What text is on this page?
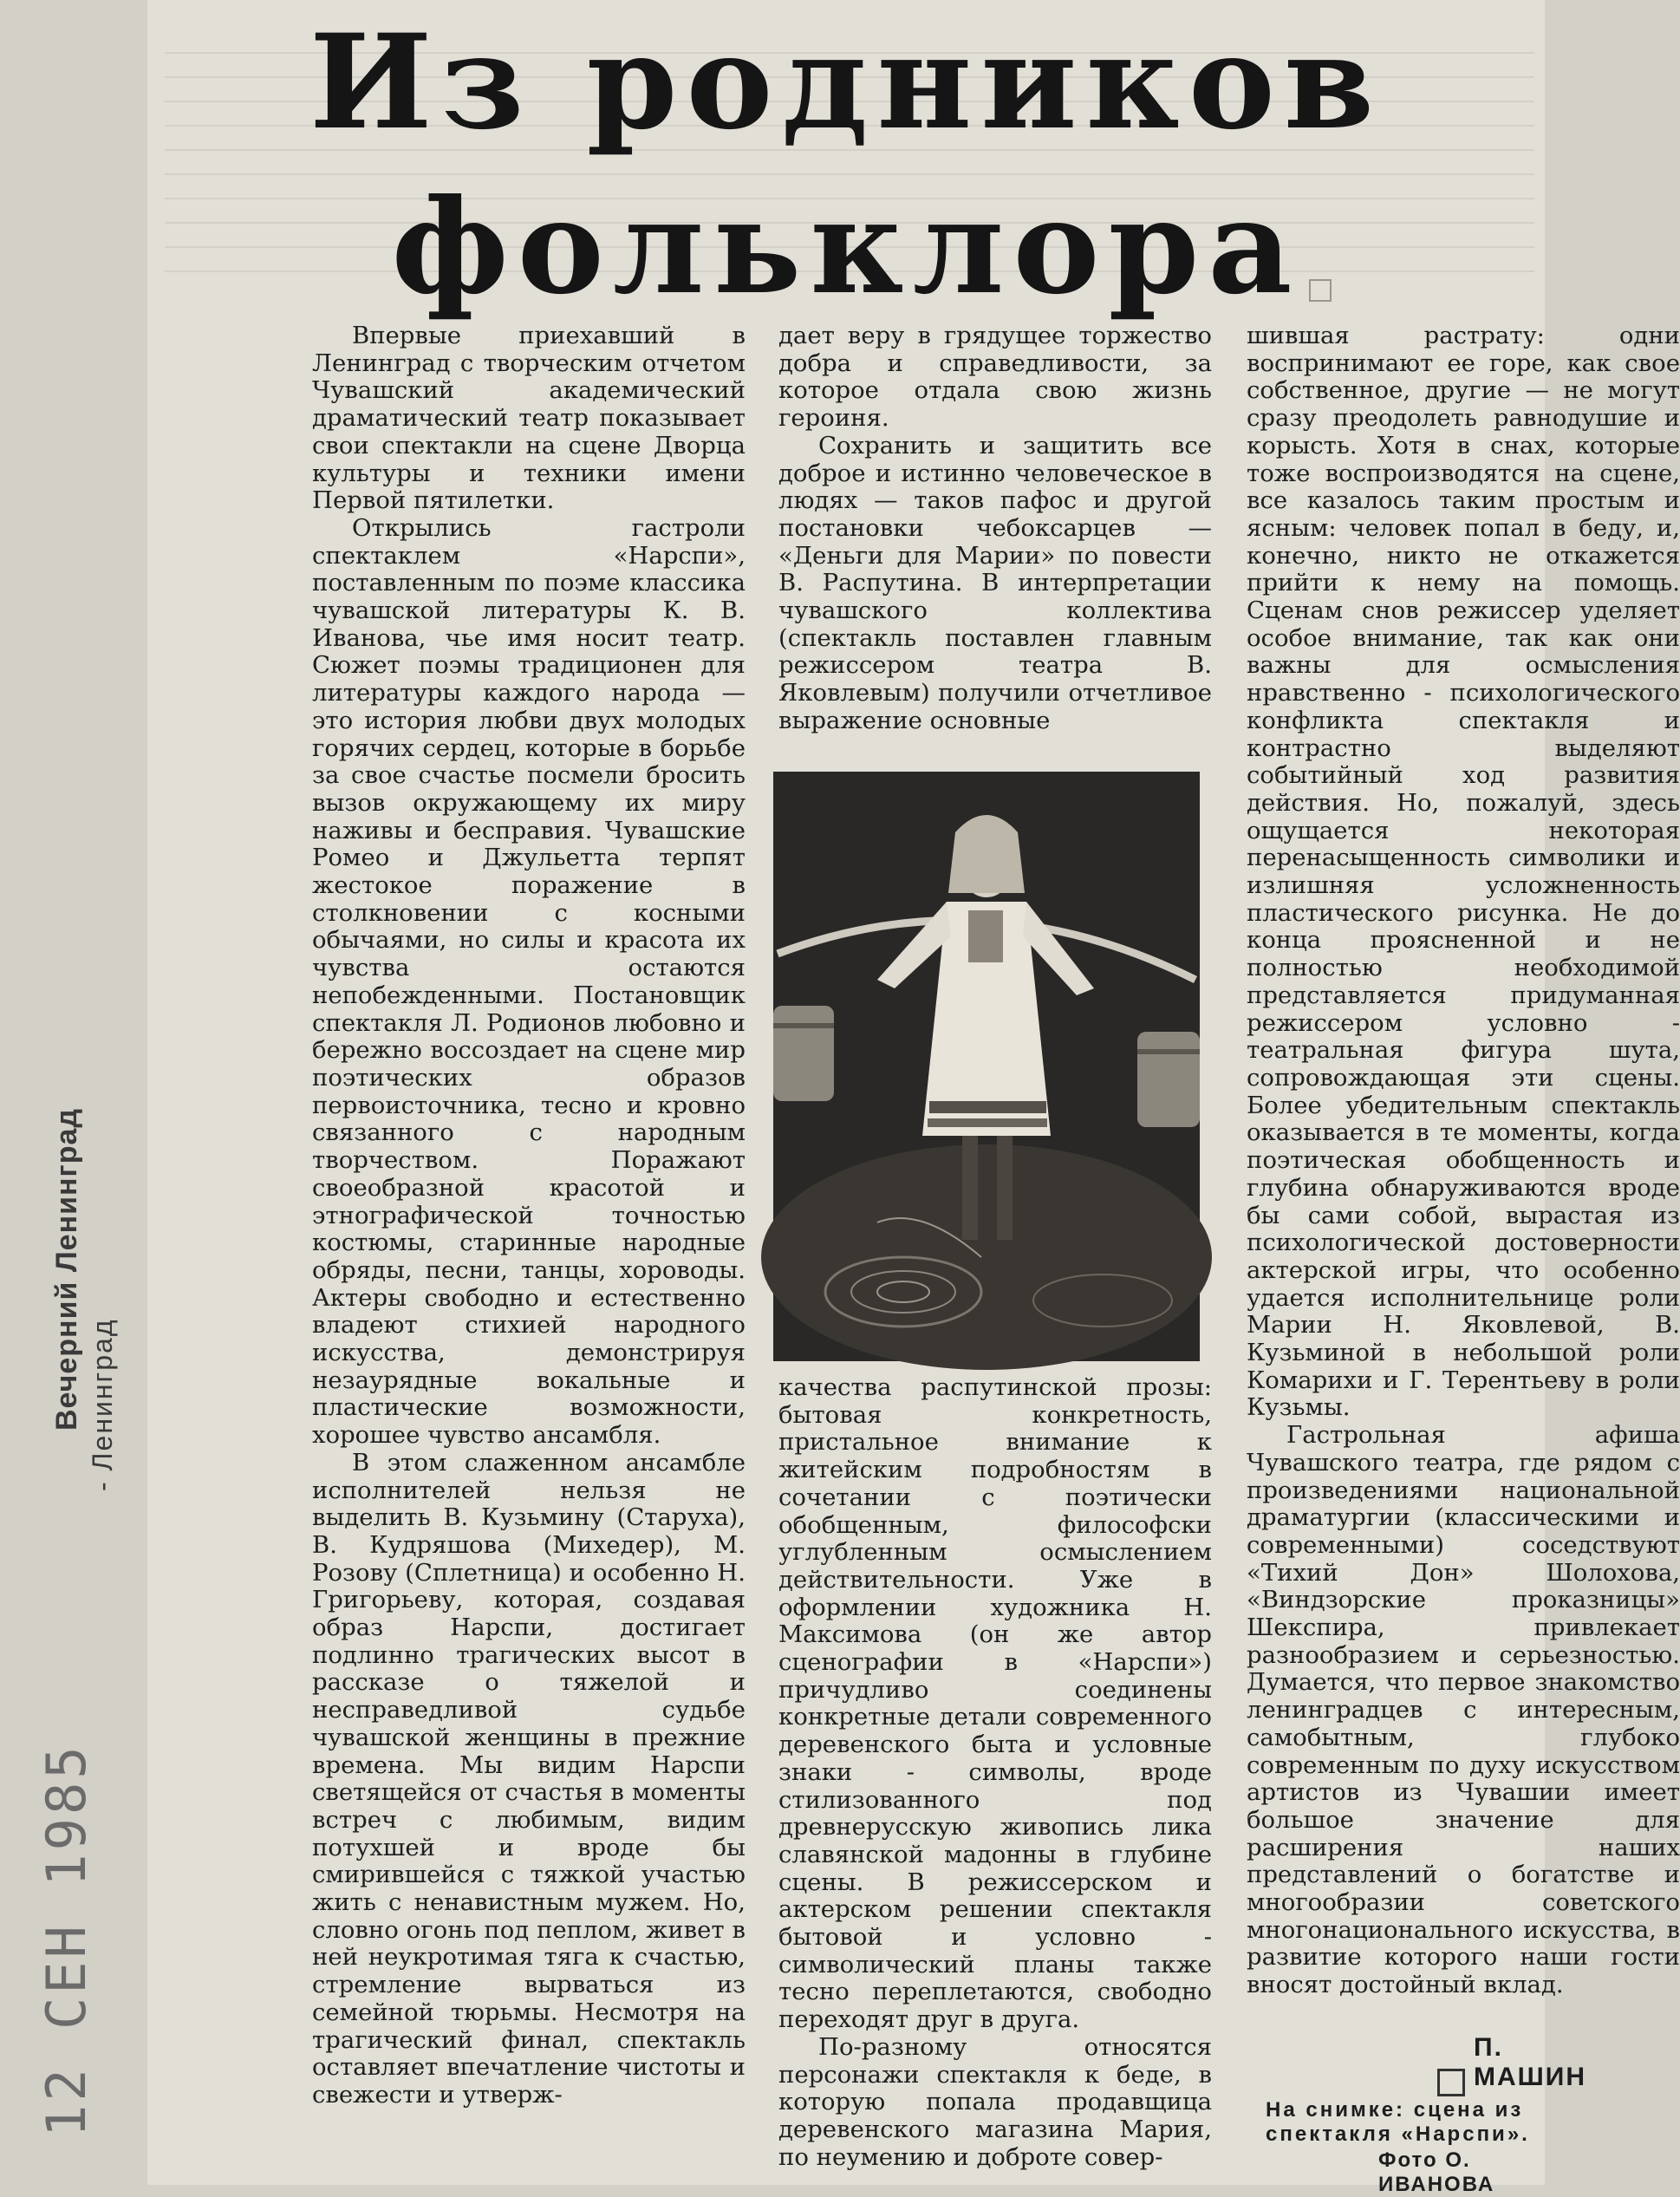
Вечерний Ленинград - Ленинград
12 СЕН 1985
Из родников
фольклора

Впервые приехавший в Ленинград с творческим отчетом Чувашский академический драматический театр показывает свои спектакли на сцене Дворца культуры и техники имени Первой пятилетки.

Открылись гастроли спектаклем «Нарспи», поставленным по поэме классика чувашской литературы К. В. Иванова, чье имя носит театр. Сюжет поэмы традиционен для литературы каждого народа — это история любви двух молодых горячих сердец, которые в борьбе за свое счастье посмели бросить вызов окружающему их миру наживы и бесправия. Чувашские Ромео и Джульетта терпят жестокое поражение в столкновении с косными обычаями, но силы и красота их чувства остаются непобежденными. Постановщик спектакля Л. Родионов любовно и бережно воссоздает на сцене мир поэтических образов первоисточника, тесно и кровно связанного с народным творчеством. Поражают своеобразной красотой и этнографической точностью костюмы, старинные народные обряды, песни, танцы, хороводы. Актеры свободно и естественно владеют стихией народного искусства, демонстрируя незаурядные вокальные и пластические возможности, хорошее чувство ансамбля.

В этом слаженном ансамбле исполнителей нельзя не выделить В. Кузьмину (Старуха), В. Кудряшова (Михедер), М. Розову (Сплетница) и особенно Н. Григорьеву, которая, создавая образ Нарспи, достигает подлинно трагических высот в рассказе о тяжелой и несправедливой судьбе чувашской женщины в прежние времена. Мы видим Нарспи светящейся от счастья в моменты встреч с любимым, видим потухшей и вроде бы смирившейся с тяжкой участью жить с ненавистным мужем. Но, словно огонь под пеплом, живет в ней неукротимая тяга к счастью, стремление вырваться из семейной тюрьмы. Несмотря на трагический финал, спектакль оставляет впечатление чистоты и свежести и утверж-

дает веру в грядущее торжество добра и справедливости, за которое отдала свою жизнь героиня.

Сохранить и защитить все доброе и истинно человеческое в людях — таков пафос и другой постановки чебоксарцев — «Деньги для Марии» по повести В. Распутина. В интерпретации чувашского коллектива (спектакль поставлен главным режиссером театра В. Яковлевым) получили отчетливое выражение основные

качества распутинской прозы: бытовая конкретность, пристальное внимание к житейским подробностям в сочетании с поэтически обобщенным, философски углубленным осмыслением действительности. Уже в оформлении художника Н. Максимова (он же автор сценографии в «Нарспи») причудливо соединены конкретные детали современного деревенского быта и условные знаки - символы, вроде стилизованного под древнерусскую живопись лика славянской мадонны в глубине сцены. В режиссерском и актерском решении спектакля бытовой и условно - символический планы также тесно переплетаются, свободно переходят друг в друга.

По-разному относятся персонажи спектакля к беде, в которую попала продавщица деревенского магазина Мария, по неумению и доброте совер-

шившая растрату: одни воспринимают ее горе, как свое собственное, другие — не могут сразу преодолеть равнодушие и корысть. Хотя в снах, которые тоже воспроизводятся на сцене, все казалось таким простым и ясным: человек попал в беду, и, конечно, никто не откажется прийти к нему на помощь. Сценам снов режиссер уделяет особое внимание, так как они важны для осмысления нравственно - психологического конфликта спектакля и контрастно выделяют событийный ход развития действия. Но, пожалуй, здесь ощущается некоторая перенасыщенность символики и излишняя усложненность пластического рисунка. Не до конца проясненной и не полностью необходимой представляется придуманная режиссером условно - театральная фигура шута, сопровождающая эти сцены. Более убедительным спектакль оказывается в те моменты, когда поэтическая обобщенность и глубина обнаруживаются вроде бы сами собой, вырастая из психологической достоверности актерской игры, что особенно удается исполнительнице роли Марии Н. Яковлевой, В. Кузьминой в небольшой роли Комарихи и Г. Терентьеву в роли Кузьмы.

Гастрольная афиша Чувашского театра, где рядом с произведениями национальной драматургии (классическими и современными) соседствуют «Тихий Дон» Шолохова, «Виндзорские проказницы» Шекспира, привлекает разнообразием и серьезностью. Думается, что первое знакомство ленинградцев с интересным, самобытным, глубоко современным по духу искусством артистов из Чувашии имеет большое значение для расширения наших представлений о богатстве и многообразии советского многонационального искусства, в развитие которого наши гости вносят достойный вклад.

П. МАШИН
На снимке: сцена из спектакля «Нарспи».
Фото О. ИВАНОВА
